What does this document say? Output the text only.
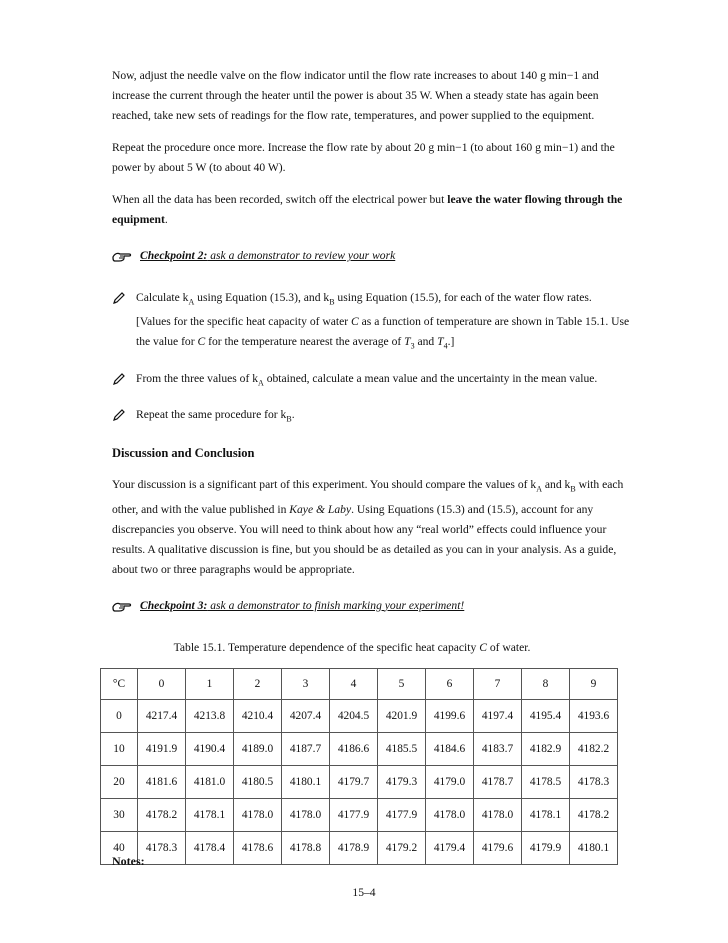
Now, adjust the needle valve on the flow indicator until the flow rate increases to about 140 g min−1 and increase the current through the heater until the power is about 35 W. When a steady state has again been reached, take new sets of readings for the flow rate, temperatures, and power supplied to the equipment.

Repeat the procedure once more. Increase the flow rate by about 20 g min−1 (to about 160 g min−1) and the power by about 5 W (to about 40 W).

When all the data has been recorded, switch off the electrical power but leave the water flowing through the equipment.

Checkpoint 2: ask a demonstrator to review your work

Calculate $k_A$ using Equation (15.3), and $k_B$ using Equation (15.5), for each of the water flow rates.

[Values for the specific heat capacity of water C as a function of temperature are shown in Table 15.1. Use the value for C for the temperature nearest the average of $T_3$ and $T_4$.]

From the three values of $k_A$ obtained, calculate a mean value and the uncertainty in the mean value.

Repeat the same procedure for $k_B$.

Discussion and Conclusion

Your discussion is a significant part of this experiment. You should compare the values of $k_A$ and $k_B$ with each other, and with the value published in Kaye & Laby. Using Equations (15.3) and (15.5), account for any discrepancies you observe. You will need to think about how any “real world” effects could influence your results. A qualitative discussion is fine, but you should be as detailed as you can in your analysis. As a guide, about two or three paragraphs would be appropriate.

Checkpoint 3: ask a demonstrator to finish marking your experiment!

Table 15.1. Temperature dependence of the specific heat capacity C of water.

°C	0	1	2	3	4	5	6	7	8	9
0	4217.4	4213.8	4210.4	4207.4	4204.5	4201.9	4199.6	4197.4	4195.4	4193.6
10	4191.9	4190.4	4189.0	4187.7	4186.6	4185.5	4184.6	4183.7	4182.9	4182.2
20	4181.6	4181.0	4180.5	4180.1	4179.7	4179.3	4179.0	4178.7	4178.5	4178.3
30	4178.2	4178.1	4178.0	4178.0	4177.9	4177.9	4178.0	4178.0	4178.1	4178.2
40	4178.3	4178.4	4178.6	4178.8	4178.9	4179.2	4179.4	4179.6	4179.9	4180.1
Notes:
15–4
